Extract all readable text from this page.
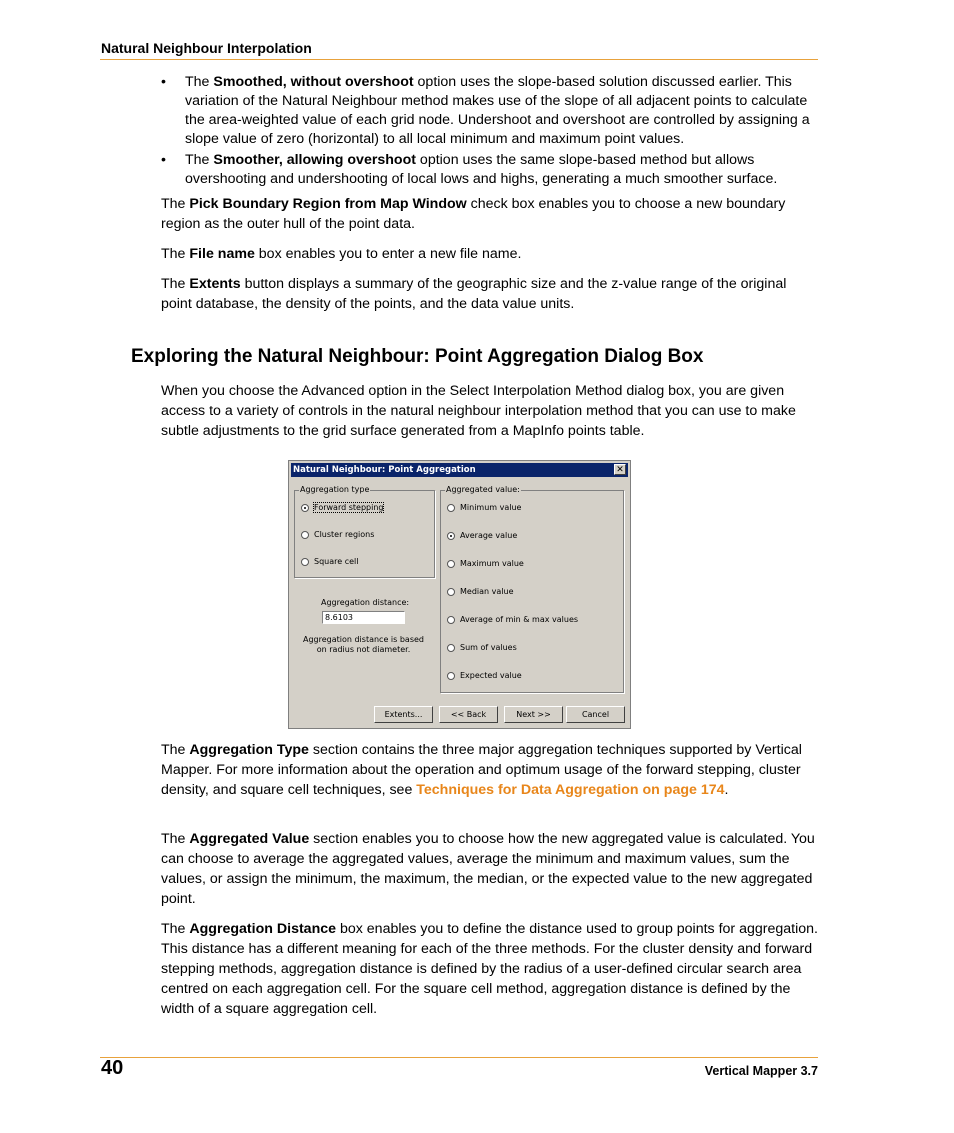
Natural Neighbour Interpolation
• The Smoothed, without overshoot option uses the slope-based solution discussed earlier. This variation of the Natural Neighbour method makes use of the slope of all adjacent points to calculate the area-weighted value of each grid node. Undershoot and overshoot are controlled by assigning a slope value of zero (horizontal) to all local minimum and maximum point values.
• The Smoother, allowing overshoot option uses the same slope-based method but allows overshooting and undershooting of local lows and highs, generating a much smoother surface.

The Pick Boundary Region from Map Window check box enables you to choose a new boundary region as the outer hull of the point data.

The File name box enables you to enter a new file name.

The Extents button displays a summary of the geographic size and the z-value range of the original point database, the density of the points, and the data value units.

Exploring the Natural Neighbour: Point Aggregation Dialog Box

When you choose the Advanced option in the Select Interpolation Method dialog box, you are given access to a variety of controls in the natural neighbour interpolation method that you can use to make subtle adjustments to the grid surface generated from a MapInfo points table.

Natural Neighbour: Point Aggregation	✕
Aggregation type
Forward stepping
Cluster regions
Square cell
Aggregation distance:
8.6103
Aggregation distance is based on radius not diameter.
Aggregated value:
Minimum value
Average value
Maximum value
Median value
Average of min & max values
Sum of values
Expected value
Extents...	<< Back	Next >>	Cancel

The Aggregation Type section contains the three major aggregation techniques supported by Vertical Mapper. For more information about the operation and optimum usage of the forward stepping, cluster density, and square cell techniques, see Techniques for Data Aggregation on page 174.

The Aggregated Value section enables you to choose how the new aggregated value is calculated. You can choose to average the aggregated values, average the minimum and maximum values, sum the values, or assign the minimum, the maximum, the median, or the expected value to the new aggregated point.

The Aggregation Distance box enables you to define the distance used to group points for aggregation. This distance has a different meaning for each of the three methods. For the cluster density and forward stepping methods, aggregation distance is defined by the radius of a user-defined circular search area centred on each aggregation cell. For the square cell method, aggregation distance is defined by the width of a square aggregation cell.

40	Vertical Mapper 3.7
